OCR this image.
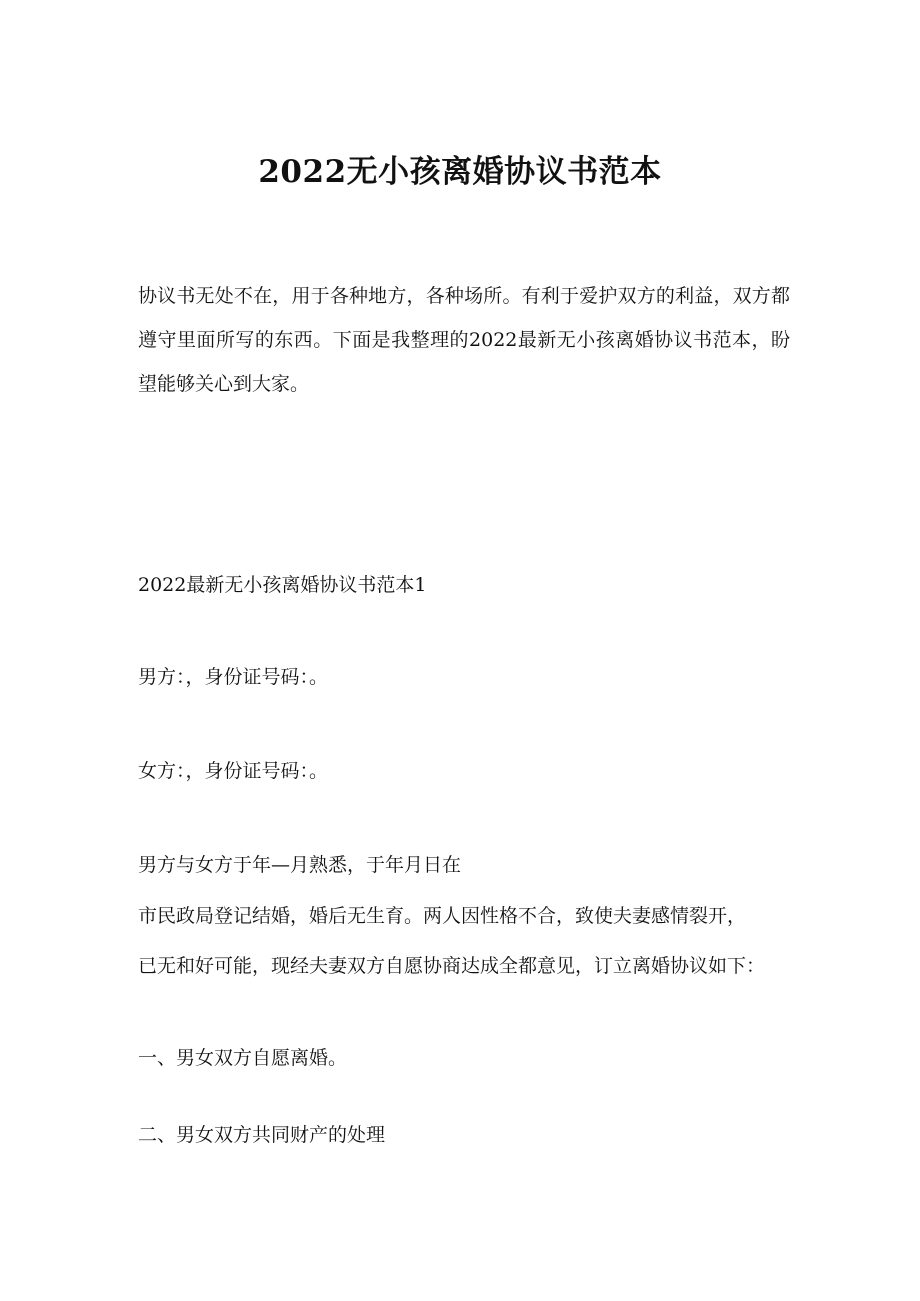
2022无小孩离婚协议书范本

协议书无处不在，用于各种地方，各种场所。有利于爱护双方的利益，双方都遵守里面所写的东西。下面是我整理的2022最新无小孩离婚协议书范本，盼望能够关心到大家。

2022最新无小孩离婚协议书范本1

男方：，身份证号码：。

女方：，身份证号码：。

男方与女方于年—月熟悉，于年月日在

市民政局登记结婚，婚后无生育。两人因性格不合，致使夫妻感情裂开，

已无和好可能，现经夫妻双方自愿协商达成全都意见，订立离婚协议如下：

一、男女双方自愿离婚。

二、男女双方共同财产的处理
